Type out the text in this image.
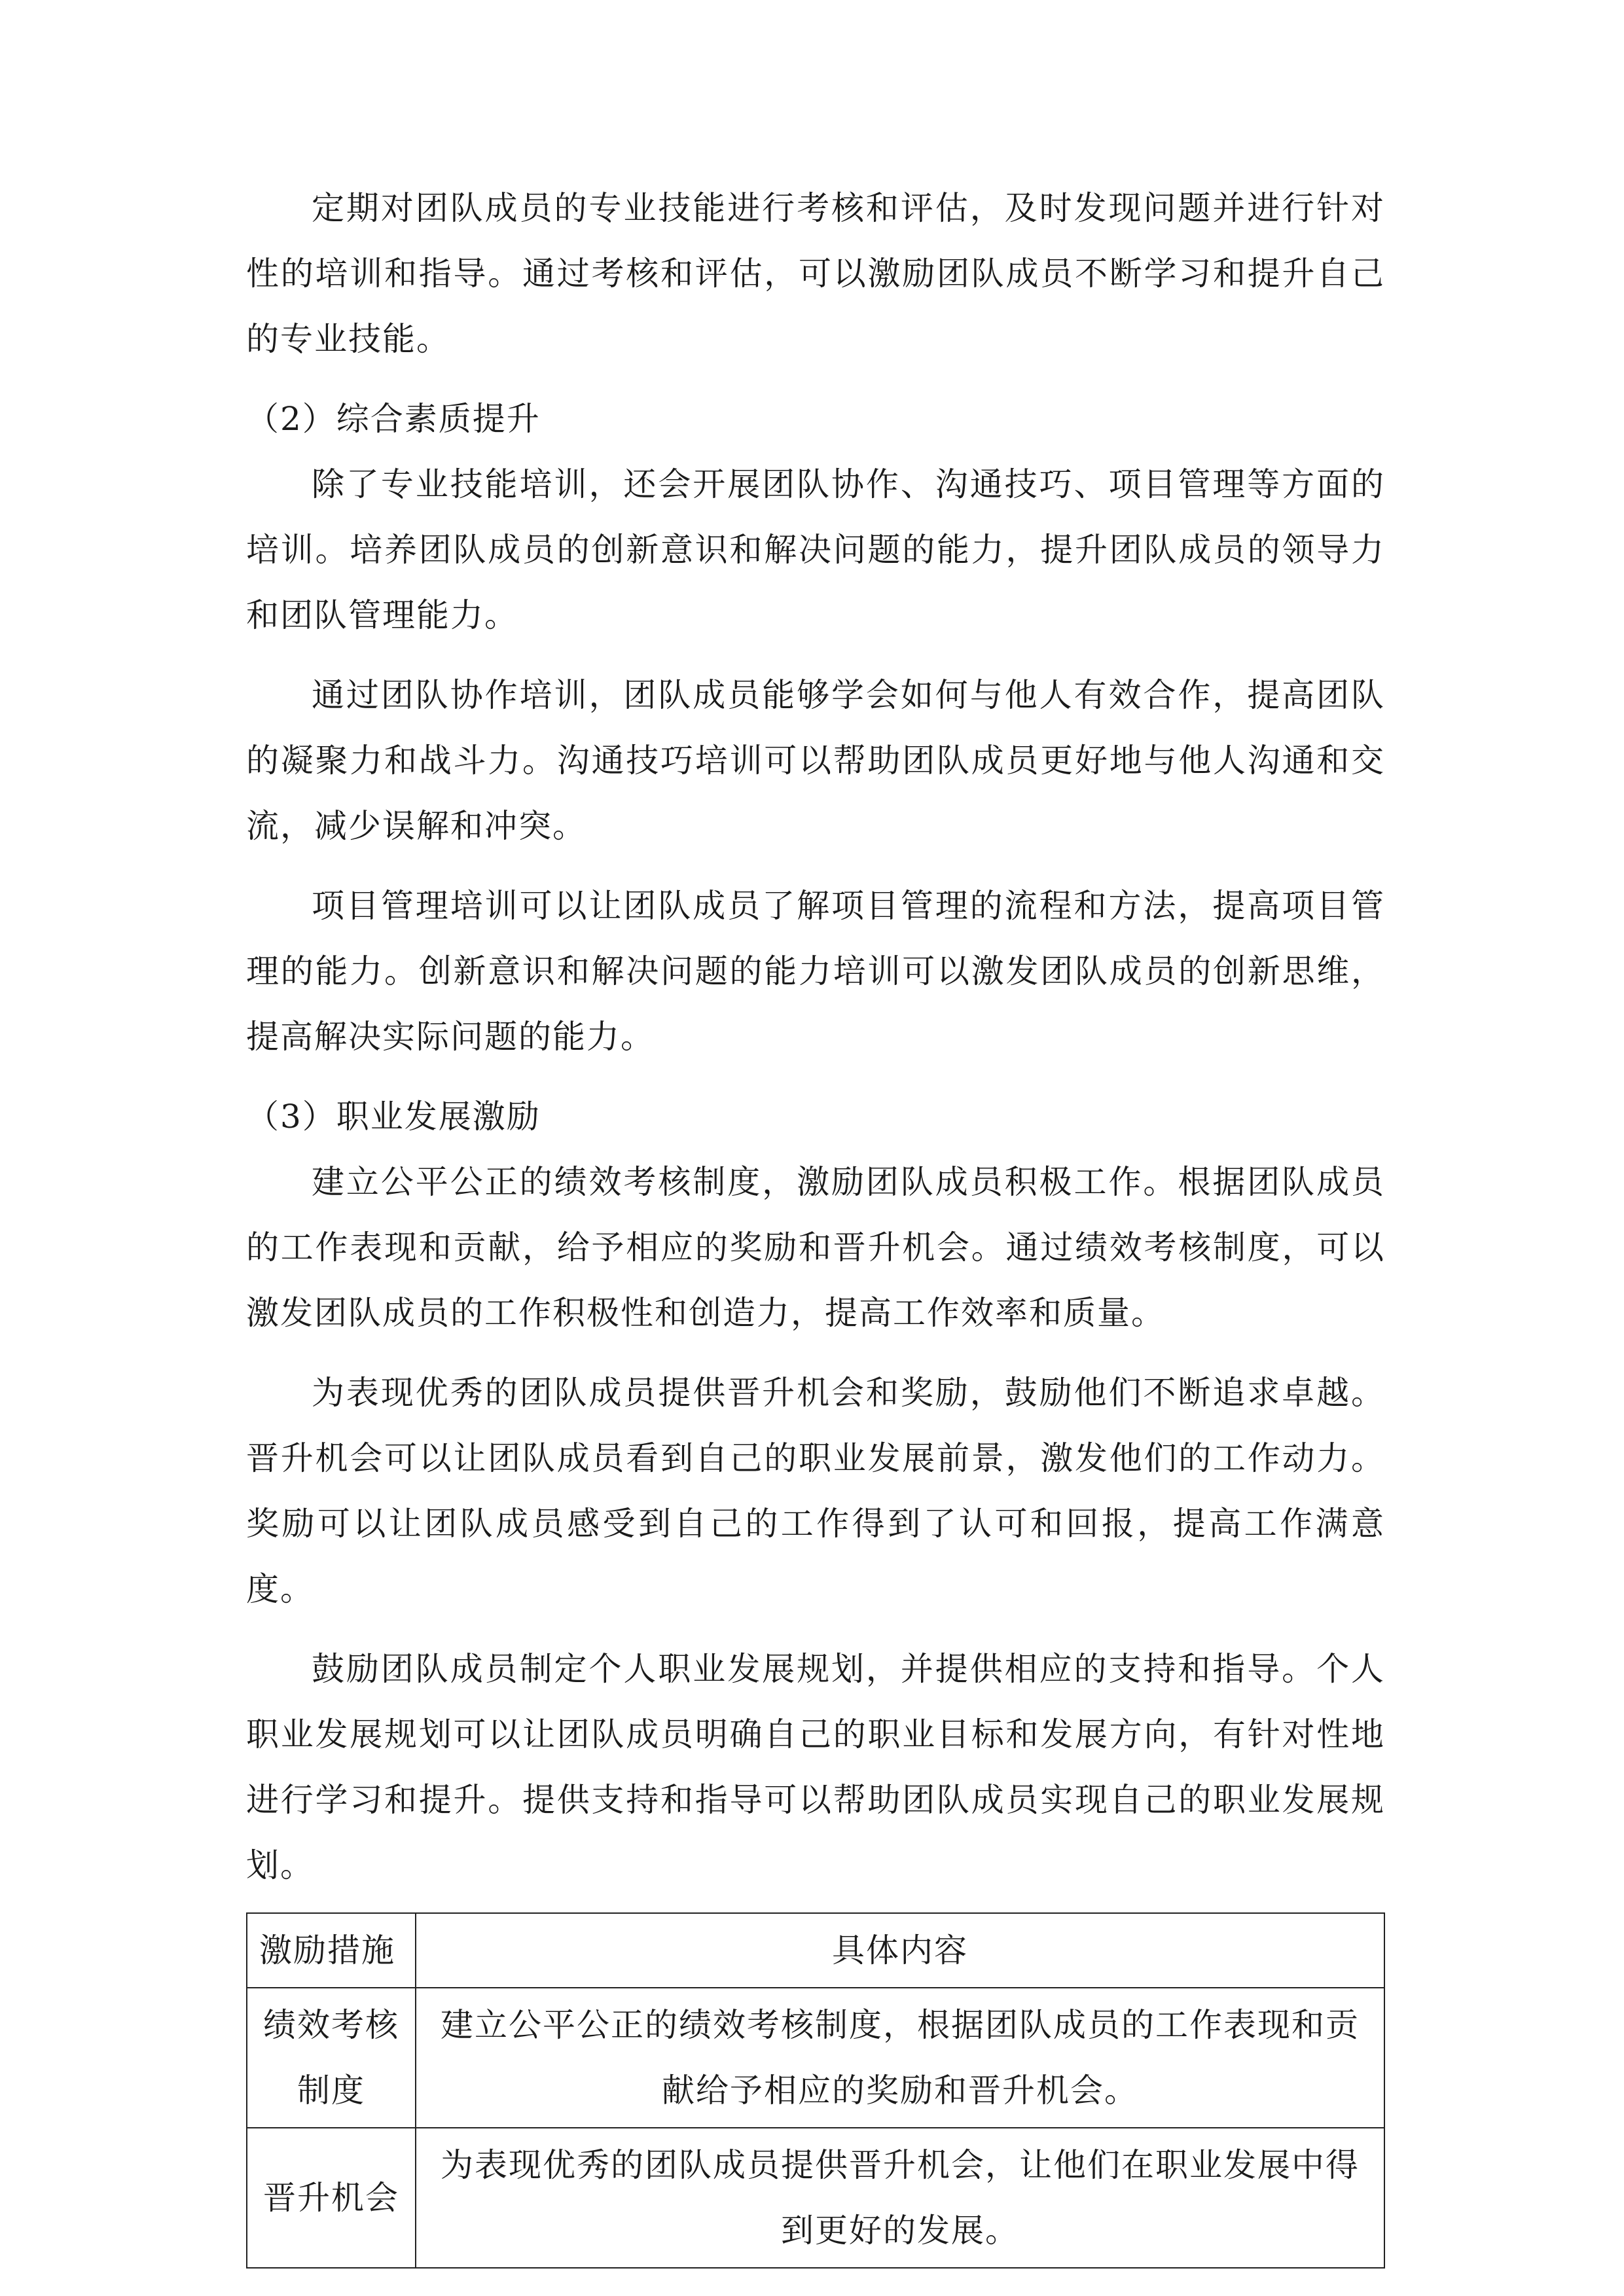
定期对团队成员的专业技能进行考核和评估，及时发现问题并进行针对性的培训和指导。通过考核和评估，可以激励团队成员不断学习和提升自己的专业技能。

（2）综合素质提升

除了专业技能培训，还会开展团队协作、沟通技巧、项目管理等方面的培训。培养团队成员的创新意识和解决问题的能力，提升团队成员的领导力和团队管理能力。

通过团队协作培训，团队成员能够学会如何与他人有效合作，提高团队的凝聚力和战斗力。沟通技巧培训可以帮助团队成员更好地与他人沟通和交流，减少误解和冲突。

项目管理培训可以让团队成员了解项目管理的流程和方法，提高项目管理的能力。创新意识和解决问题的能力培训可以激发团队成员的创新思维，提高解决实际问题的能力。

（3）职业发展激励

建立公平公正的绩效考核制度，激励团队成员积极工作。根据团队成员的工作表现和贡献，给予相应的奖励和晋升机会。通过绩效考核制度，可以激发团队成员的工作积极性和创造力，提高工作效率和质量。

为表现优秀的团队成员提供晋升机会和奖励，鼓励他们不断追求卓越。晋升机会可以让团队成员看到自己的职业发展前景，激发他们的工作动力。奖励可以让团队成员感受到自己的工作得到了认可和回报，提高工作满意度。

鼓励团队成员制定个人职业发展规划，并提供相应的支持和指导。个人职业发展规划可以让团队成员明确自己的职业目标和发展方向，有针对性地进行学习和提升。提供支持和指导可以帮助团队成员实现自己的职业发展规划。

激励措施	具体内容
绩效考核制度	建立公平公正的绩效考核制度，根据团队成员的工作表现和贡献给予相应的奖励和晋升机会。
晋升机会	为表现优秀的团队成员提供晋升机会，让他们在职业发展中得到更好的发展。
